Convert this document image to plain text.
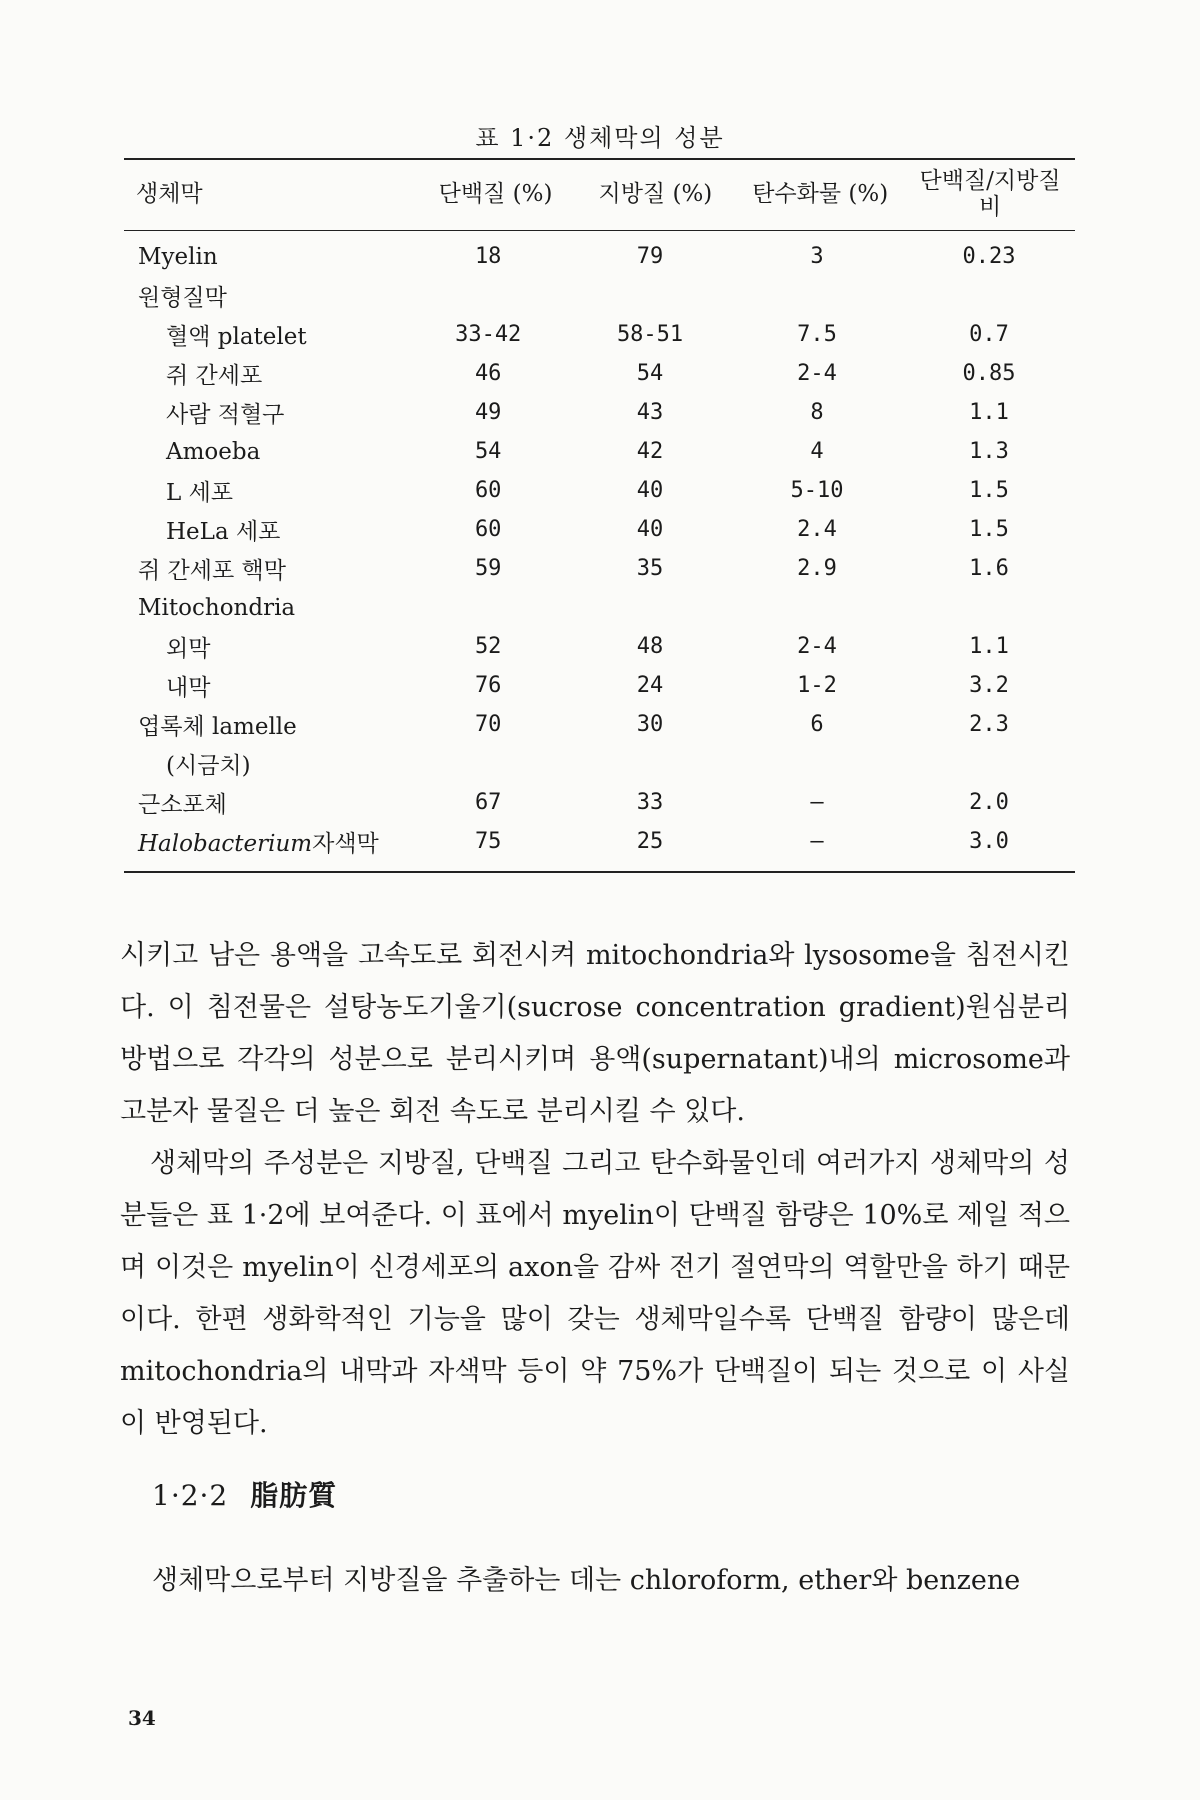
표 1·2 생체막의 성분
생체막	단백질 (%)	지방질 (%)	탄수화물 (%)	단백질/지방질 비
Myelin	18	79	3	0.23
원형질막				
혈액 platelet	33-42	58-51	7.5	0.7
쥐 간세포	46	54	2-4	0.85
사람 적혈구	49	43	8	1.1
Amoeba	54	42	4	1.3
L 세포	60	40	5-10	1.5
HeLa 세포	60	40	2.4	1.5
쥐 간세포 핵막	59	35	2.9	1.6
Mitochondria				
외막	52	48	2-4	1.1
내막	76	24	1-2	3.2
엽록체 lamelle	70	30	6	2.3
(시금치)				
근소포체	67	33	—	2.0
Halobacterium자색막	75	25	—	3.0

시키고 남은 용액을 고속도로 회전시켜 mitochondria와 lysosome을 침전시킨다. 이 침전물은 설탕농도기울기(sucrose concentration gradient)원심분리 방법으로 각각의 성분으로 분리시키며 용액(supernatant)내의 microsome과 고분자 물질은 더 높은 회전 속도로 분리시킬 수 있다.

생체막의 주성분은 지방질, 단백질 그리고 탄수화물인데 여러가지 생체막의 성분들은 표 1·2에 보여준다. 이 표에서 myelin이 단백질 함량은 10%로 제일 적으며 이것은 myelin이 신경세포의 axon을 감싸 전기 절연막의 역할만을 하기 때문이다. 한편 생화학적인 기능을 많이 갖는 생체막일수록 단백질 함량이 많은데 mitochondria의 내막과 자색막 등이 약 75%가 단백질이 되는 것으로 이 사실이 반영된다.

1·2·2 脂肪質
생체막으로부터 지방질을 추출하는 데는 chloroform, ether와 benzene
34
